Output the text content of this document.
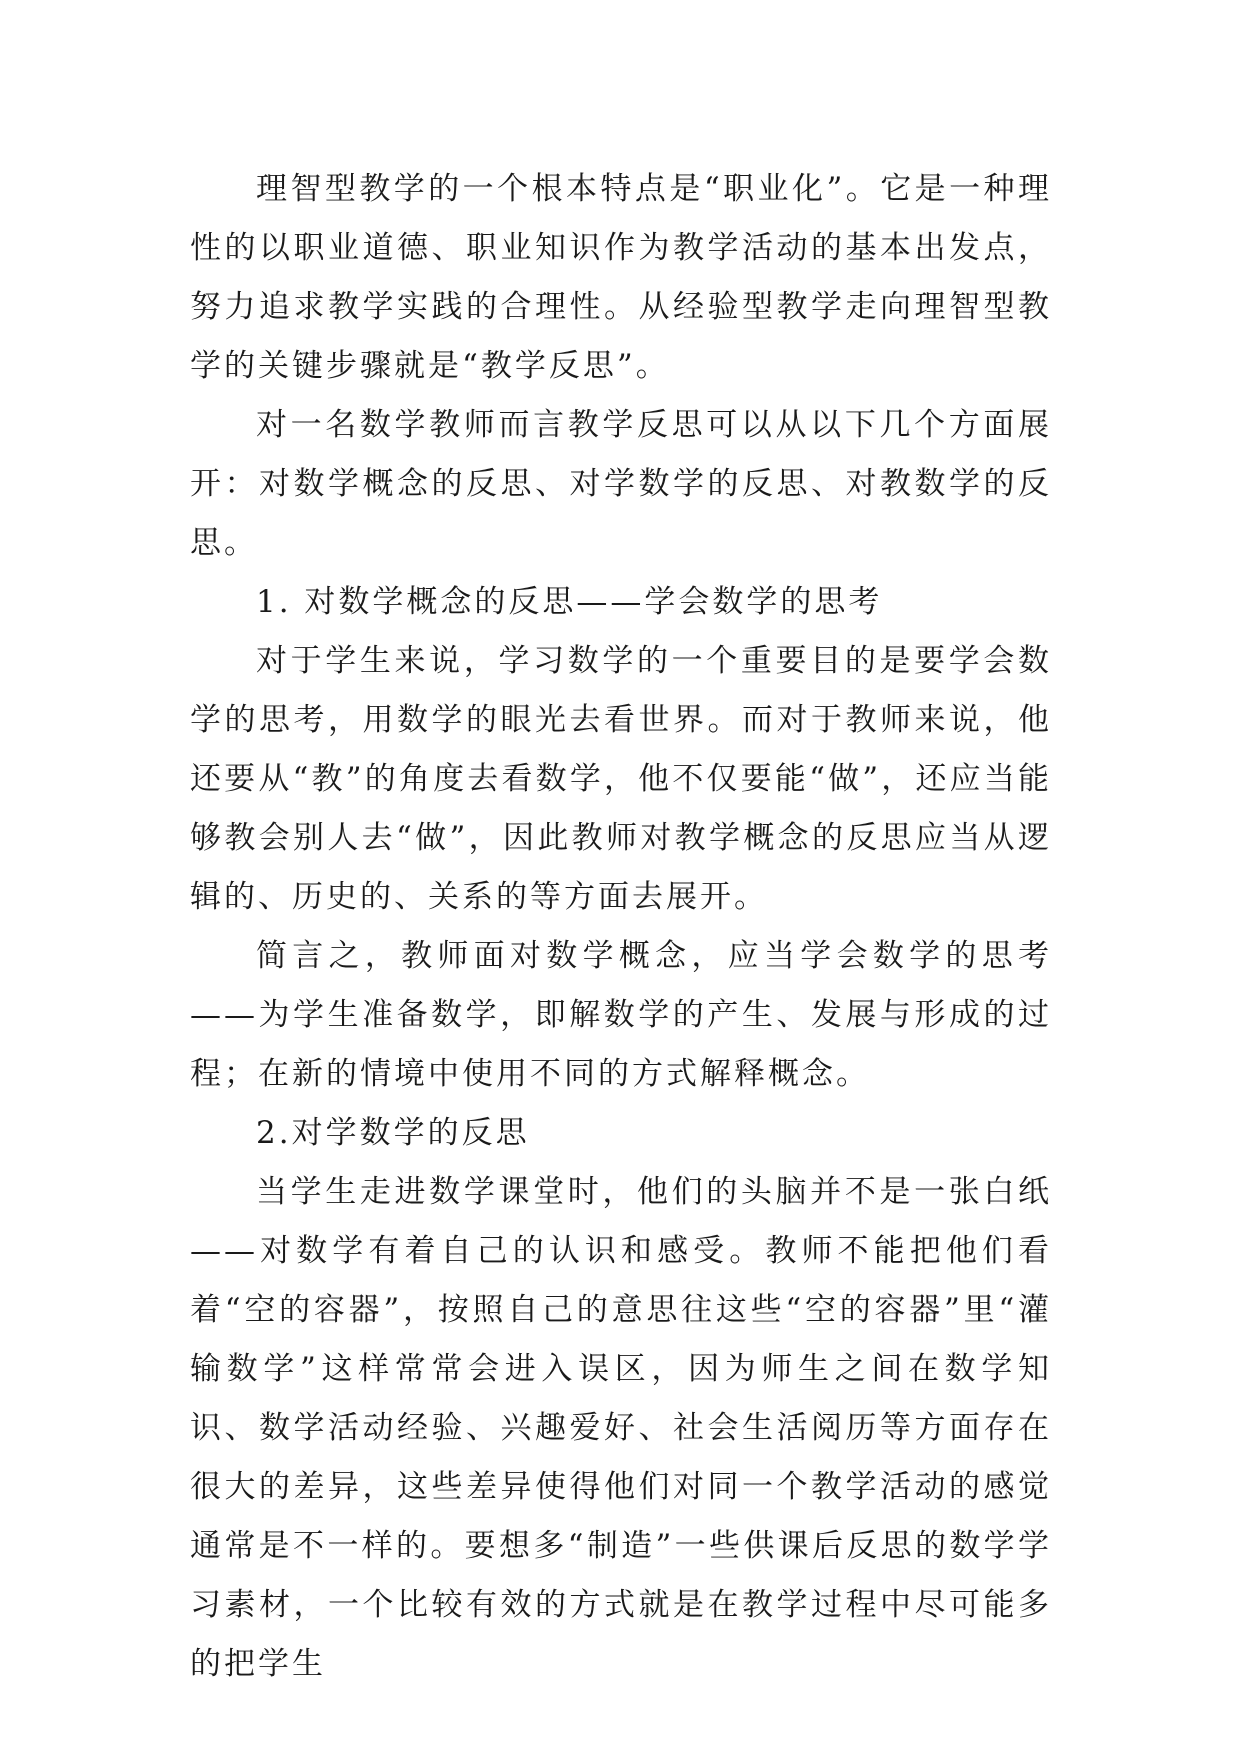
理智型教学的一个根本特点是“职业化”。它是一种理性的以职业道德、职业知识作为教学活动的基本出发点，努力追求教学实践的合理性。从经验型教学走向理智型教学的关键步骤就是“教学反思”。

对一名数学教师而言教学反思可以从以下几个方面展开：对数学概念的反思、对学数学的反思、对教数学的反思。

1. 对数学概念的反思——学会数学的思考

对于学生来说，学习数学的一个重要目的是要学会数学的思考，用数学的眼光去看世界。而对于教师来说，他还要从“教”的角度去看数学，他不仅要能“做”，还应当能够教会别人去“做”，因此教师对教学概念的反思应当从逻辑的、历史的、关系的等方面去展开。

简言之，教师面对数学概念，应当学会数学的思考——为学生准备数学，即解数学的产生、发展与形成的过程；在新的情境中使用不同的方式解释概念。

2.对学数学的反思

当学生走进数学课堂时，他们的头脑并不是一张白纸——对数学有着自己的认识和感受。教师不能把他们看着“空的容器”，按照自己的意思往这些“空的容器”里“灌输数学”这样常常会进入误区，因为师生之间在数学知识、数学活动经验、兴趣爱好、社会生活阅历等方面存在很大的差异，这些差异使得他们对同一个教学活动的感觉通常是不一样的。要想多“制造”一些供课后反思的数学学习素材，一个比较有效的方式就是在教学过程中尽可能多的把学生
